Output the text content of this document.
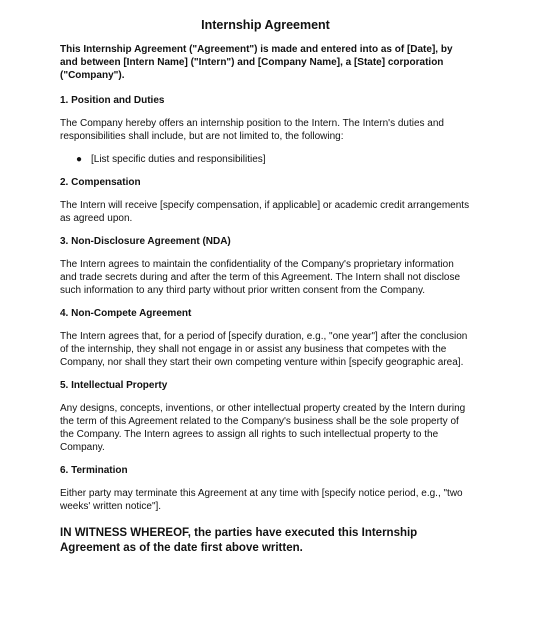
Internship Agreement

This Internship Agreement ("Agreement") is made and entered into as of [Date], by and between [Intern Name] ("Intern") and [Company Name], a [State] corporation ("Company").

1. Position and Duties

The Company hereby offers an internship position to the Intern. The Intern's duties and responsibilities shall include, but are not limited to, the following:

● [List specific duties and responsibilities]
2. Compensation

The Intern will receive [specify compensation, if applicable] or academic credit arrangements as agreed upon.

3. Non-Disclosure Agreement (NDA)

The Intern agrees to maintain the confidentiality of the Company's proprietary information and trade secrets during and after the term of this Agreement. The Intern shall not disclose such information to any third party without prior written consent from the Company.

4. Non-Compete Agreement

The Intern agrees that, for a period of [specify duration, e.g., "one year"] after the conclusion of the internship, they shall not engage in or assist any business that competes with the Company, nor shall they start their own competing venture within [specify geographic area].

5. Intellectual Property

Any designs, concepts, inventions, or other intellectual property created by the Intern during the term of this Agreement related to the Company's business shall be the sole property of the Company. The Intern agrees to assign all rights to such intellectual property to the Company.

6. Termination

Either party may terminate this Agreement at any time with [specify notice period, e.g., "two weeks' written notice"].

IN WITNESS WHEREOF, the parties have executed this Internship Agreement as of the date first above written.
